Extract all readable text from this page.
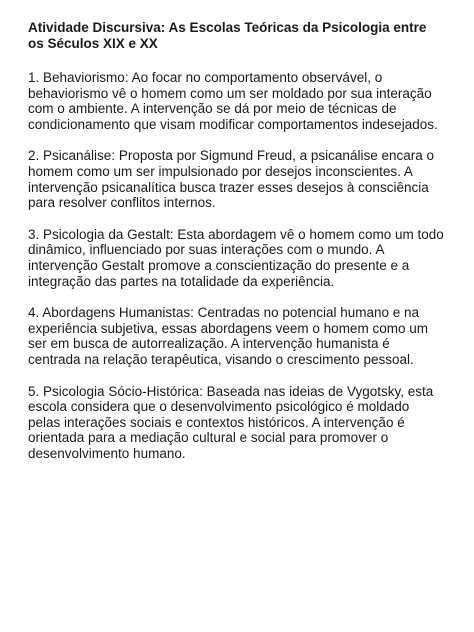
Atividade Discursiva: As Escolas Teóricas da Psicologia entre os Séculos XIX e XX

1. Behaviorismo: Ao focar no comportamento observável, o behaviorismo vê o homem como um ser moldado por sua interação com o ambiente. A intervenção se dá por meio de técnicas de condicionamento que visam modificar comportamentos indesejados.

2. Psicanálise: Proposta por Sigmund Freud, a psicanálise encara o homem como um ser impulsionado por desejos inconscientes. A intervenção psicanalítica busca trazer esses desejos à consciência para resolver conflitos internos.

3. Psicologia da Gestalt: Esta abordagem vê o homem como um todo dinâmico, influenciado por suas interações com o mundo. A intervenção Gestalt promove a conscientização do presente e a integração das partes na totalidade da experiência.

4. Abordagens Humanistas: Centradas no potencial humano e na experiência subjetiva, essas abordagens veem o homem como um ser em busca de autorrealização. A intervenção humanista é centrada na relação terapêutica, visando o crescimento pessoal.

5. Psicologia Sócio-Histórica: Baseada nas ideias de Vygotsky, esta escola considera que o desenvolvimento psicológico é moldado pelas interações sociais e contextos históricos. A intervenção é orientada para a mediação cultural e social para promover o desenvolvimento humano.
